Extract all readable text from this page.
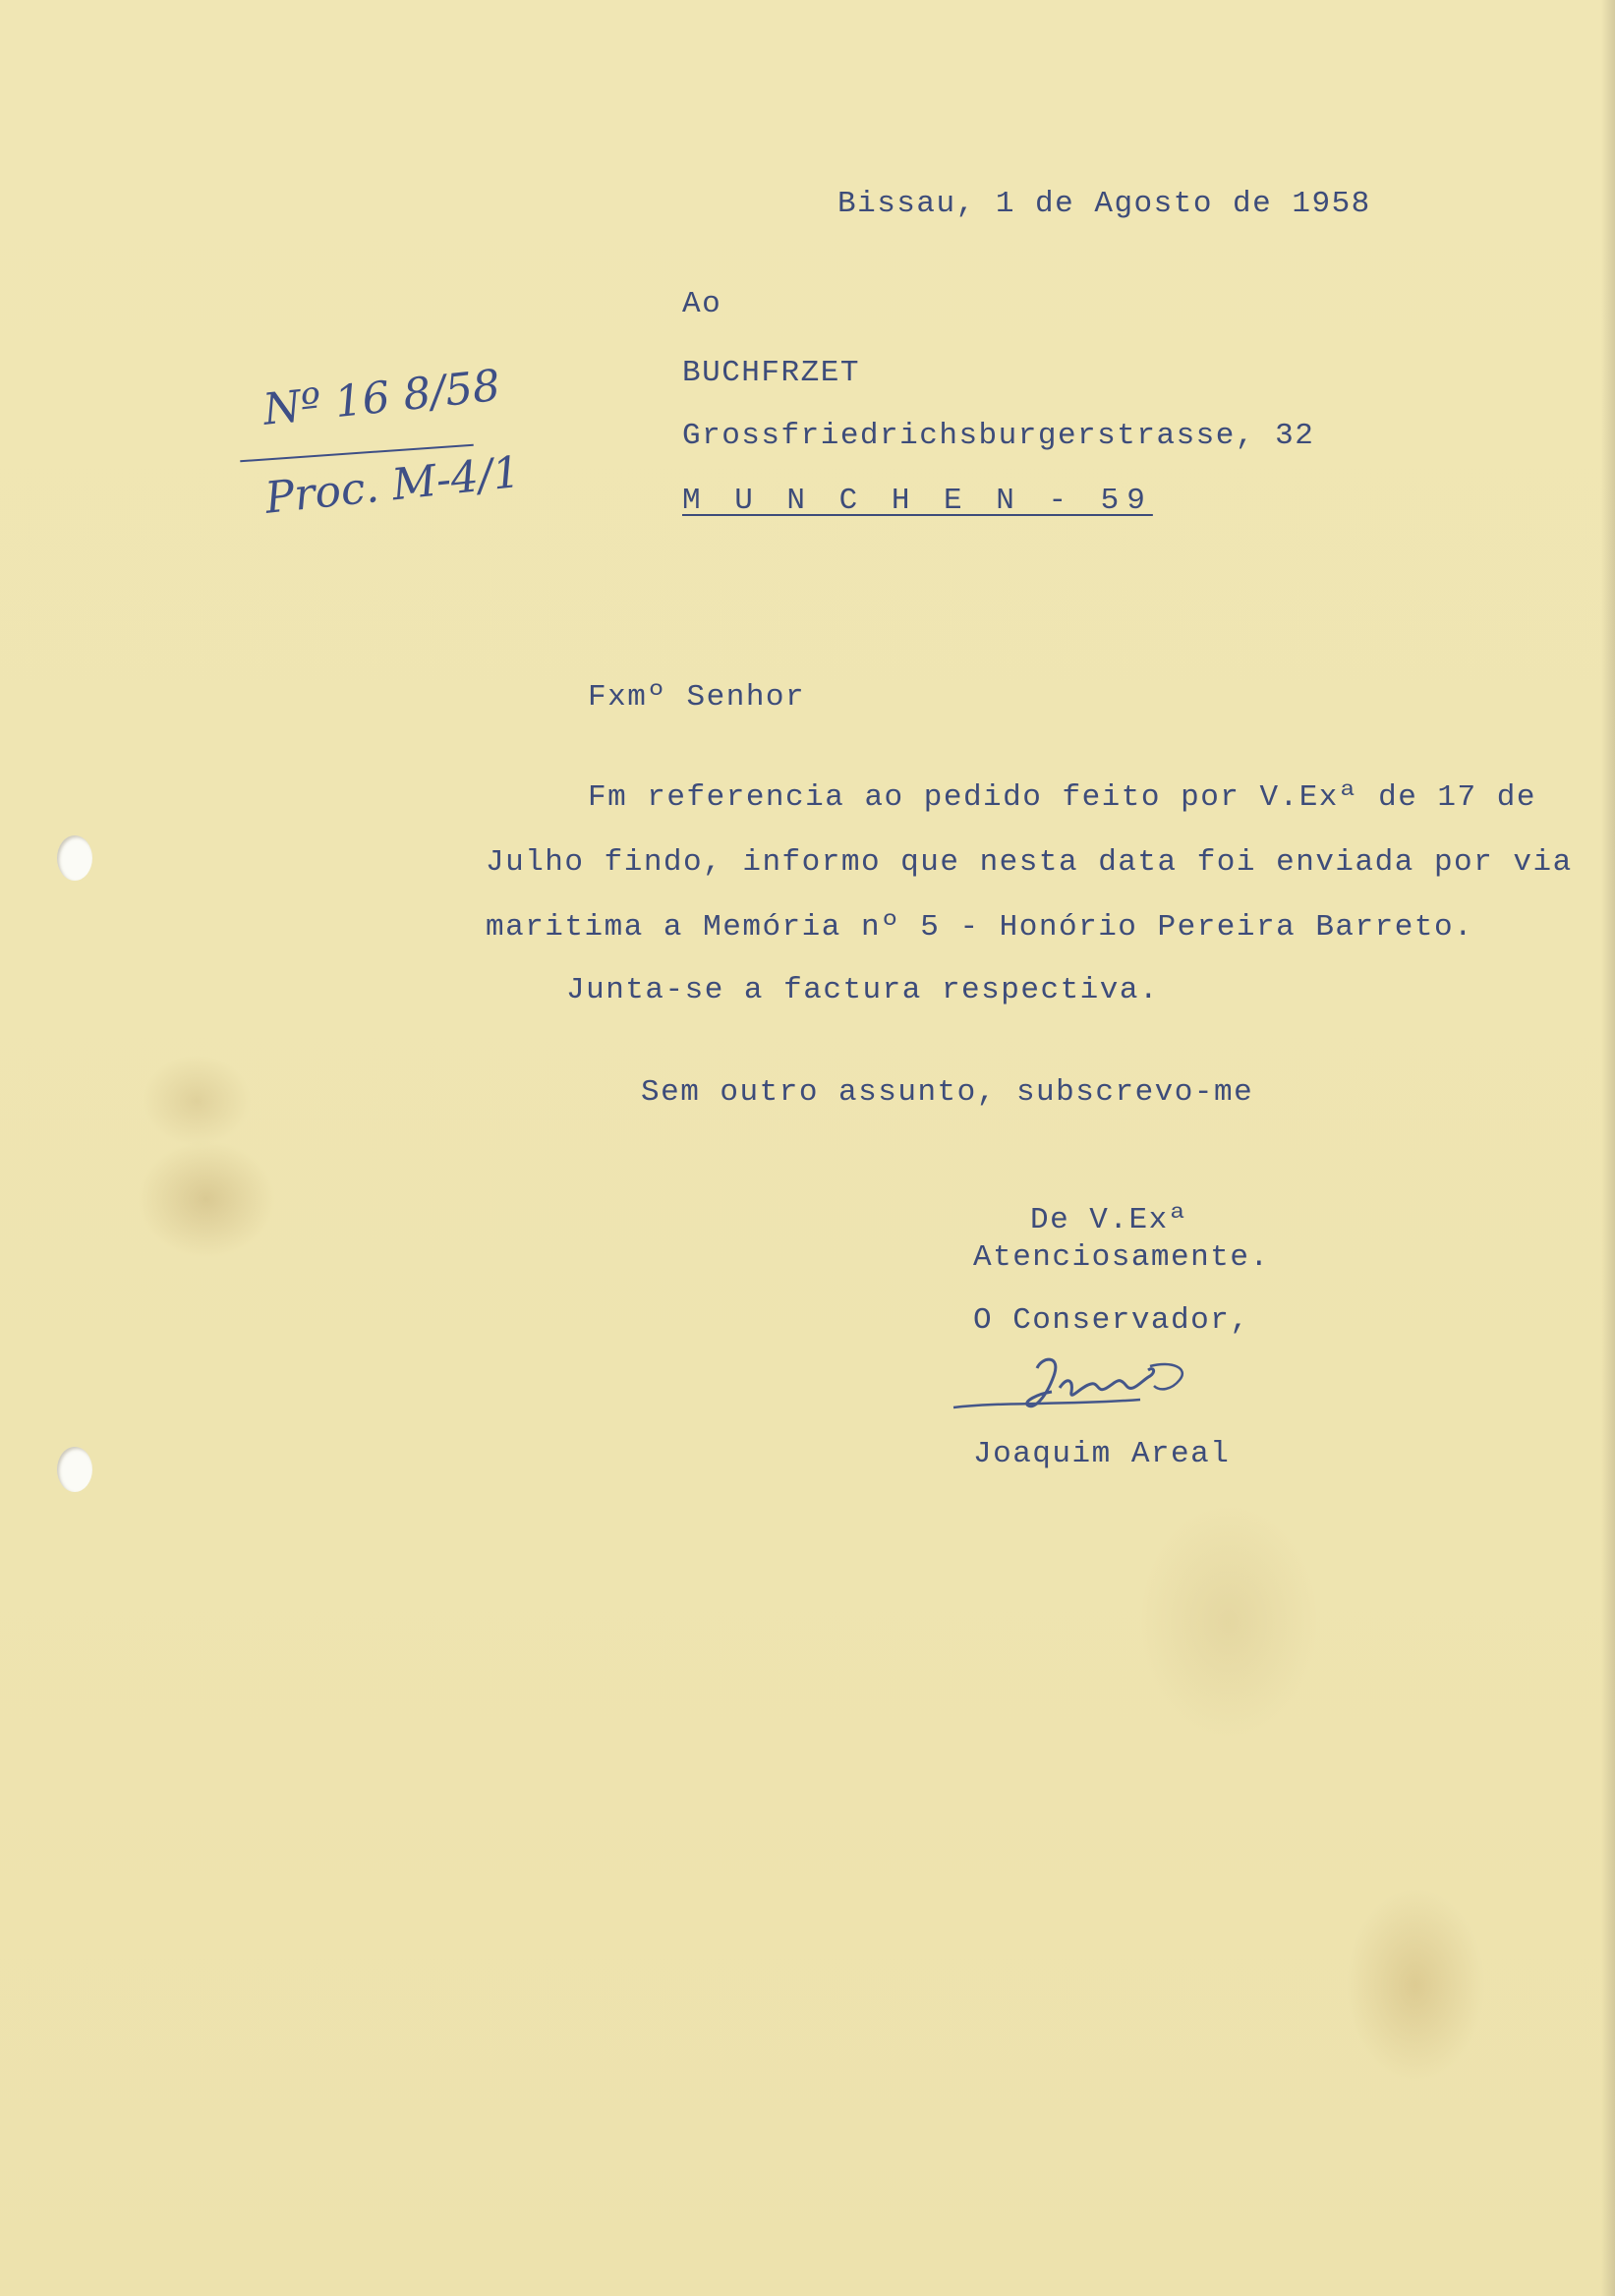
Bissau, 1 de Agosto de 1958
Ao
BUCHFRZET
Grossfriedrichsburgerstrasse, 32
M U N C H E N - 59
Nº 16 8/58
Proc. M-4/1
Fxmº Senhor
Fm referencia ao pedido feito por V.Exª de 17 de
Julho findo, informo que nesta data foi enviada por via
maritima a Memória nº 5 - Honório Pereira Barreto.
Junta-se a factura respectiva.
Sem outro assunto, subscrevo-me
De V.Exª
Atenciosamente.
O Conservador,
Joaquim Areal
